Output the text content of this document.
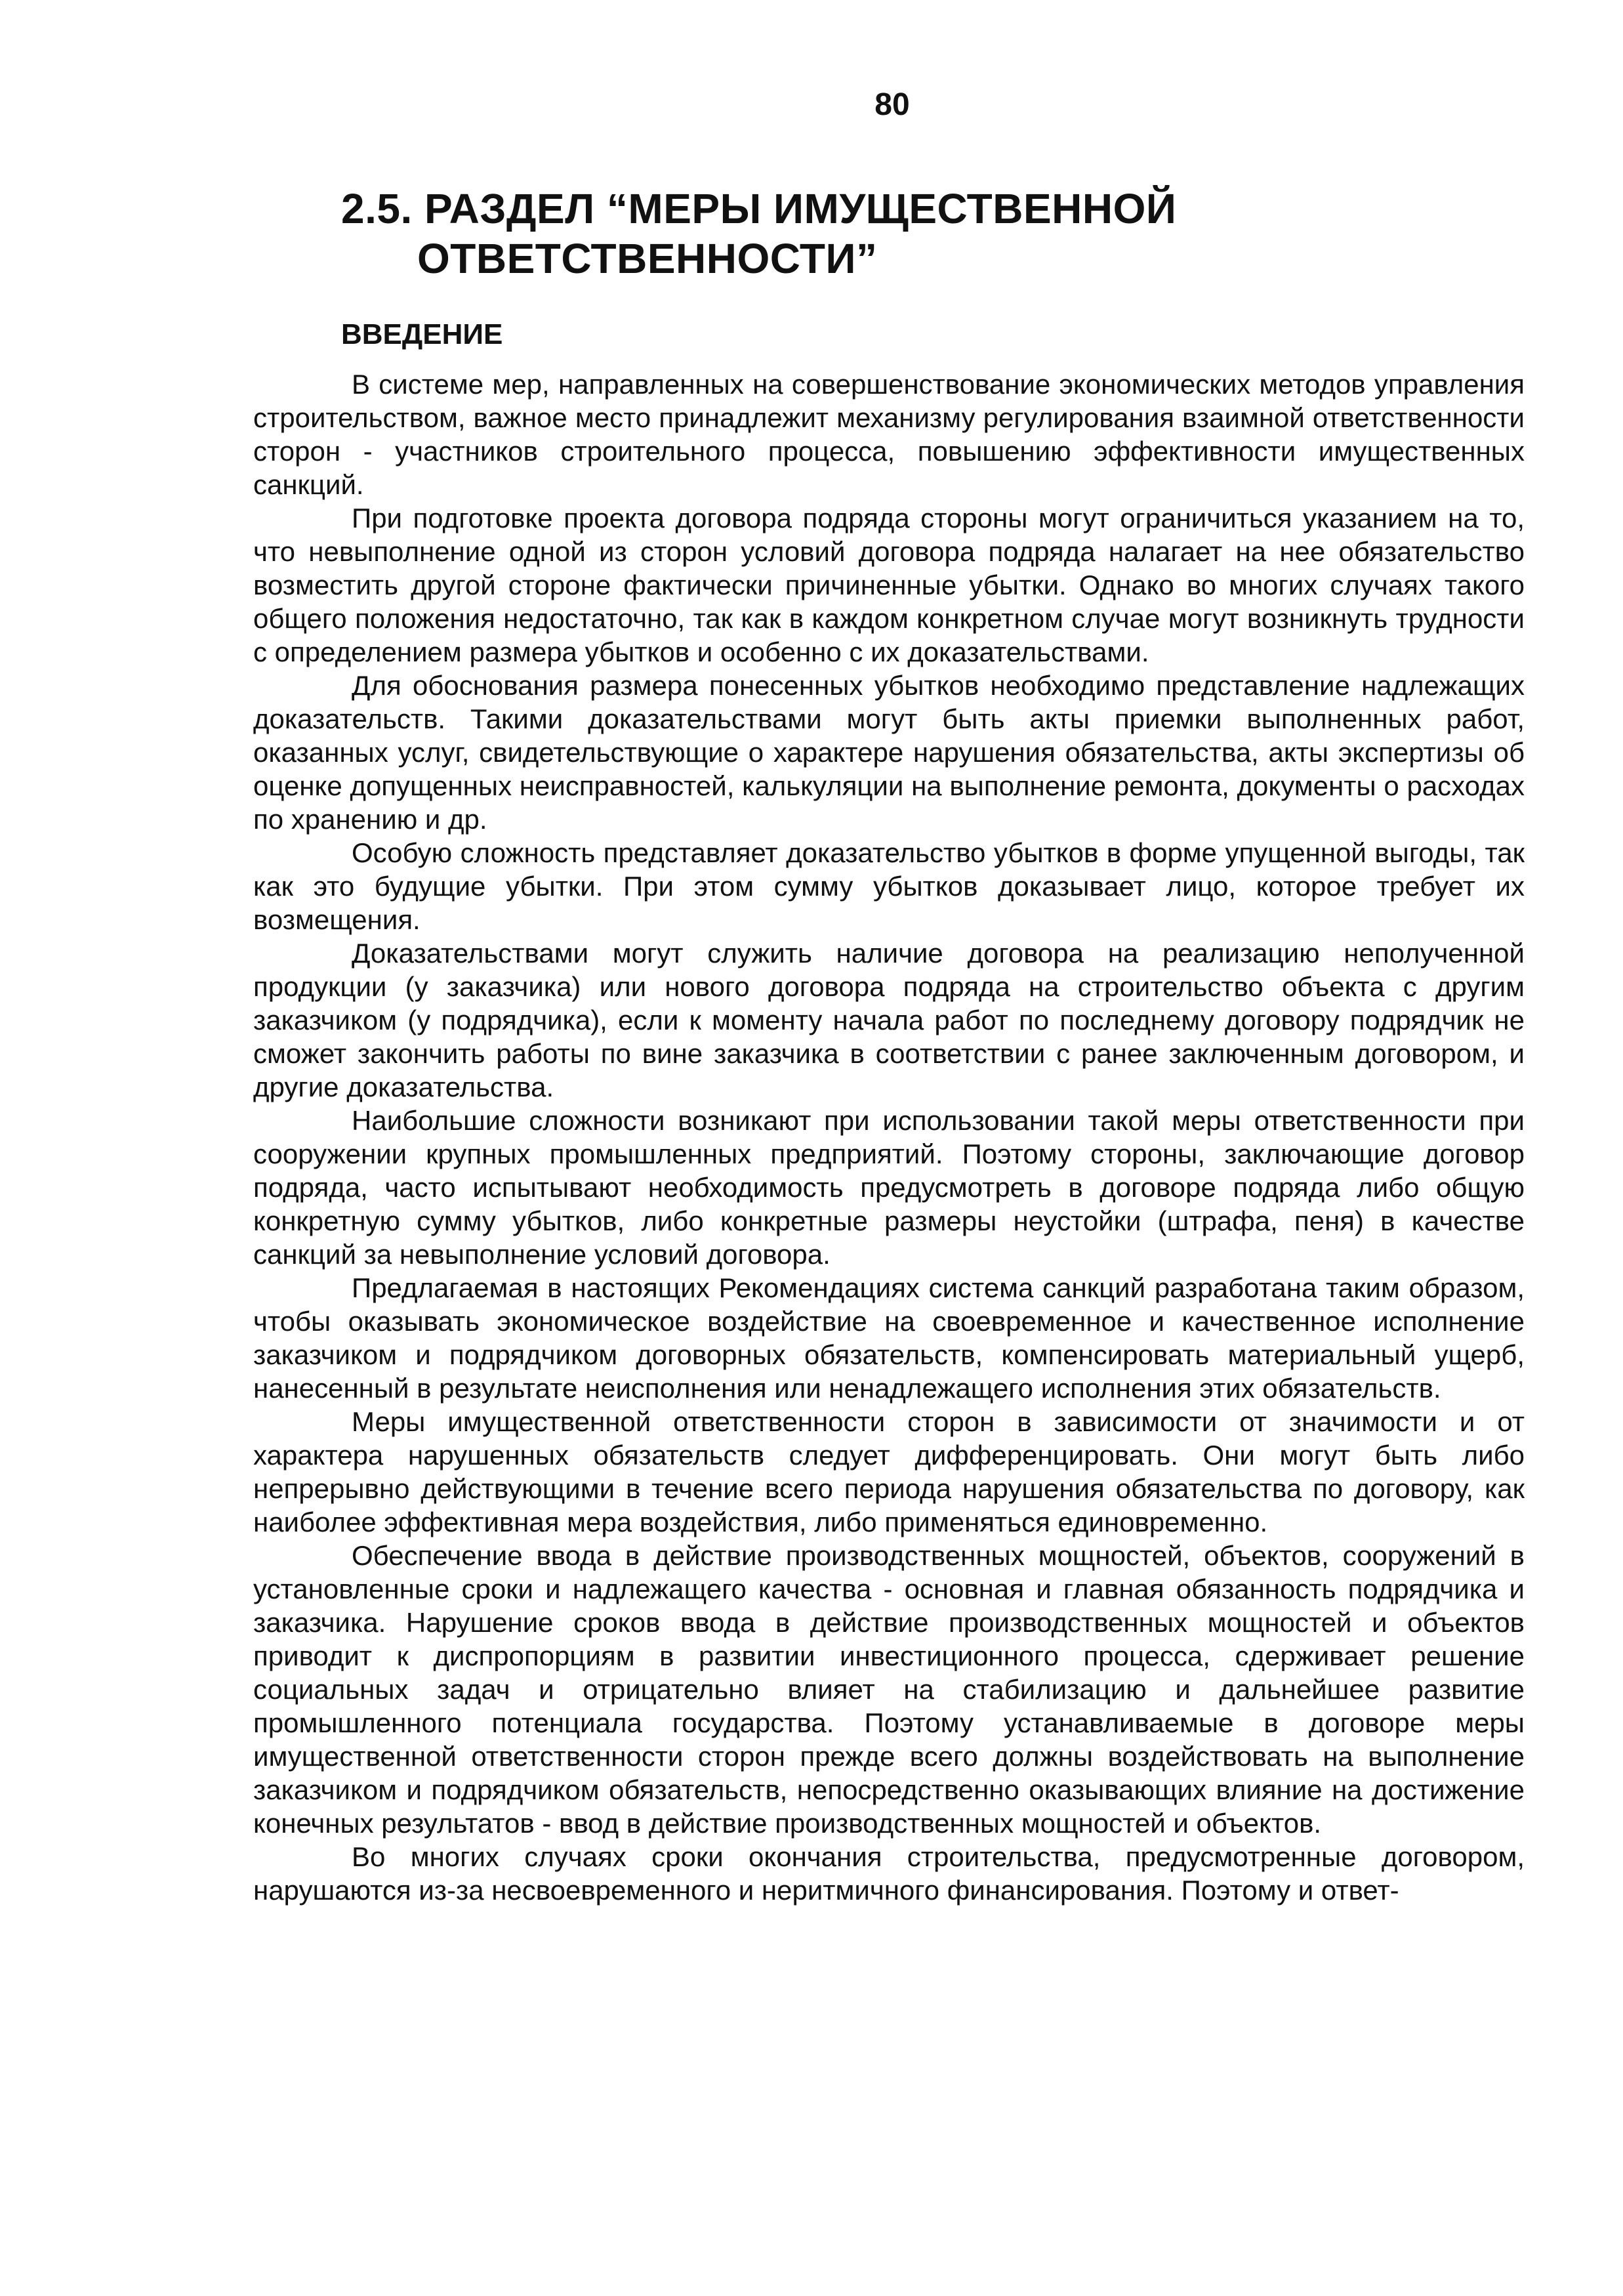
80
2.5. РАЗДЕЛ “МЕРЫ ИМУЩЕСТВЕННОЙ
ОТВЕТСТВЕННОСТИ”
ВВЕДЕНИЕ

В системе мер, направленных на совершенствование экономических методов управления строительством, важное место принадлежит механизму регулирования взаимной ответственности сторон - участников строительного процесса, повышению эффективности имущественных санкций.

При подготовке проекта договора подряда стороны могут ограничиться указанием на то, что невыполнение одной из сторон условий договора подряда налагает на нее обязательство возместить другой стороне фактически причиненные убытки. Однако во многих случаях такого общего положения недостаточно, так как в каждом конкретном случае могут возникнуть трудности с определением размера убытков и особенно с их доказательствами.

Для обоснования размера понесенных убытков необходимо представление надлежащих доказательств. Такими доказательствами могут быть акты приемки выполненных работ, оказанных услуг, свидетельствующие о характере нарушения обязательства, акты экспертизы об оценке допущенных неисправностей, калькуляции на выполнение ремонта, документы о расходах по хранению и др.

Особую сложность представляет доказательство убытков в форме упущенной выгоды, так как это будущие убытки. При этом сумму убытков доказывает лицо, которое требует их возмещения.

Доказательствами могут служить наличие договора на реализацию неполученной продукции (у заказчика) или нового договора подряда на строительство объекта с другим заказчиком (у подрядчика), если к моменту начала работ по последнему договору подрядчик не сможет закончить работы по вине заказчика в соответствии с ранее заключенным договором, и другие доказательства.

Наибольшие сложности возникают при использовании такой меры ответственности при сооружении крупных промышленных предприятий. Поэтому стороны, заключающие договор подряда, часто испытывают необходимость предусмотреть в договоре подряда либо общую конкретную сумму убытков, либо конкретные размеры неустойки (штрафа, пеня) в качестве санкций за невыполнение условий договора.

Предлагаемая в настоящих Рекомендациях система санкций разработана таким образом, чтобы оказывать экономическое воздействие на своевременное и качественное исполнение заказчиком и подрядчиком договорных обязательств, компенсировать материальный ущерб, нанесенный в результате неисполнения или ненадлежащего исполнения этих обязательств.

Меры имущественной ответственности сторон в зависимости от значимости и от характера нарушенных обязательств следует дифференцировать. Они могут быть либо непрерывно действующими в течение всего периода нарушения обязательства по договору, как наиболее эффективная мера воздействия, либо применяться единовременно.

Обеспечение ввода в действие производственных мощностей, объектов, сооружений в установленные сроки и надлежащего качества - основная и главная обязанность подрядчика и заказчика. Нарушение сроков ввода в действие производственных мощностей и объектов приводит к диспропорциям в развитии инвестиционного процесса, сдерживает решение социальных задач и отрицательно влияет на стабилизацию и дальнейшее развитие промышленного потенциала государства. Поэтому устанавливаемые в договоре меры имущественной ответственности сторон прежде всего должны воздействовать на выполнение заказчиком и подрядчиком обязательств, непосредственно оказывающих влияние на достижение конечных результатов - ввод в действие производственных мощностей и объектов.

Во многих случаях сроки окончания строительства, предусмотренные договором, нарушаются из-за несвоевременного и неритмичного финансирования. Поэтому и ответ-
